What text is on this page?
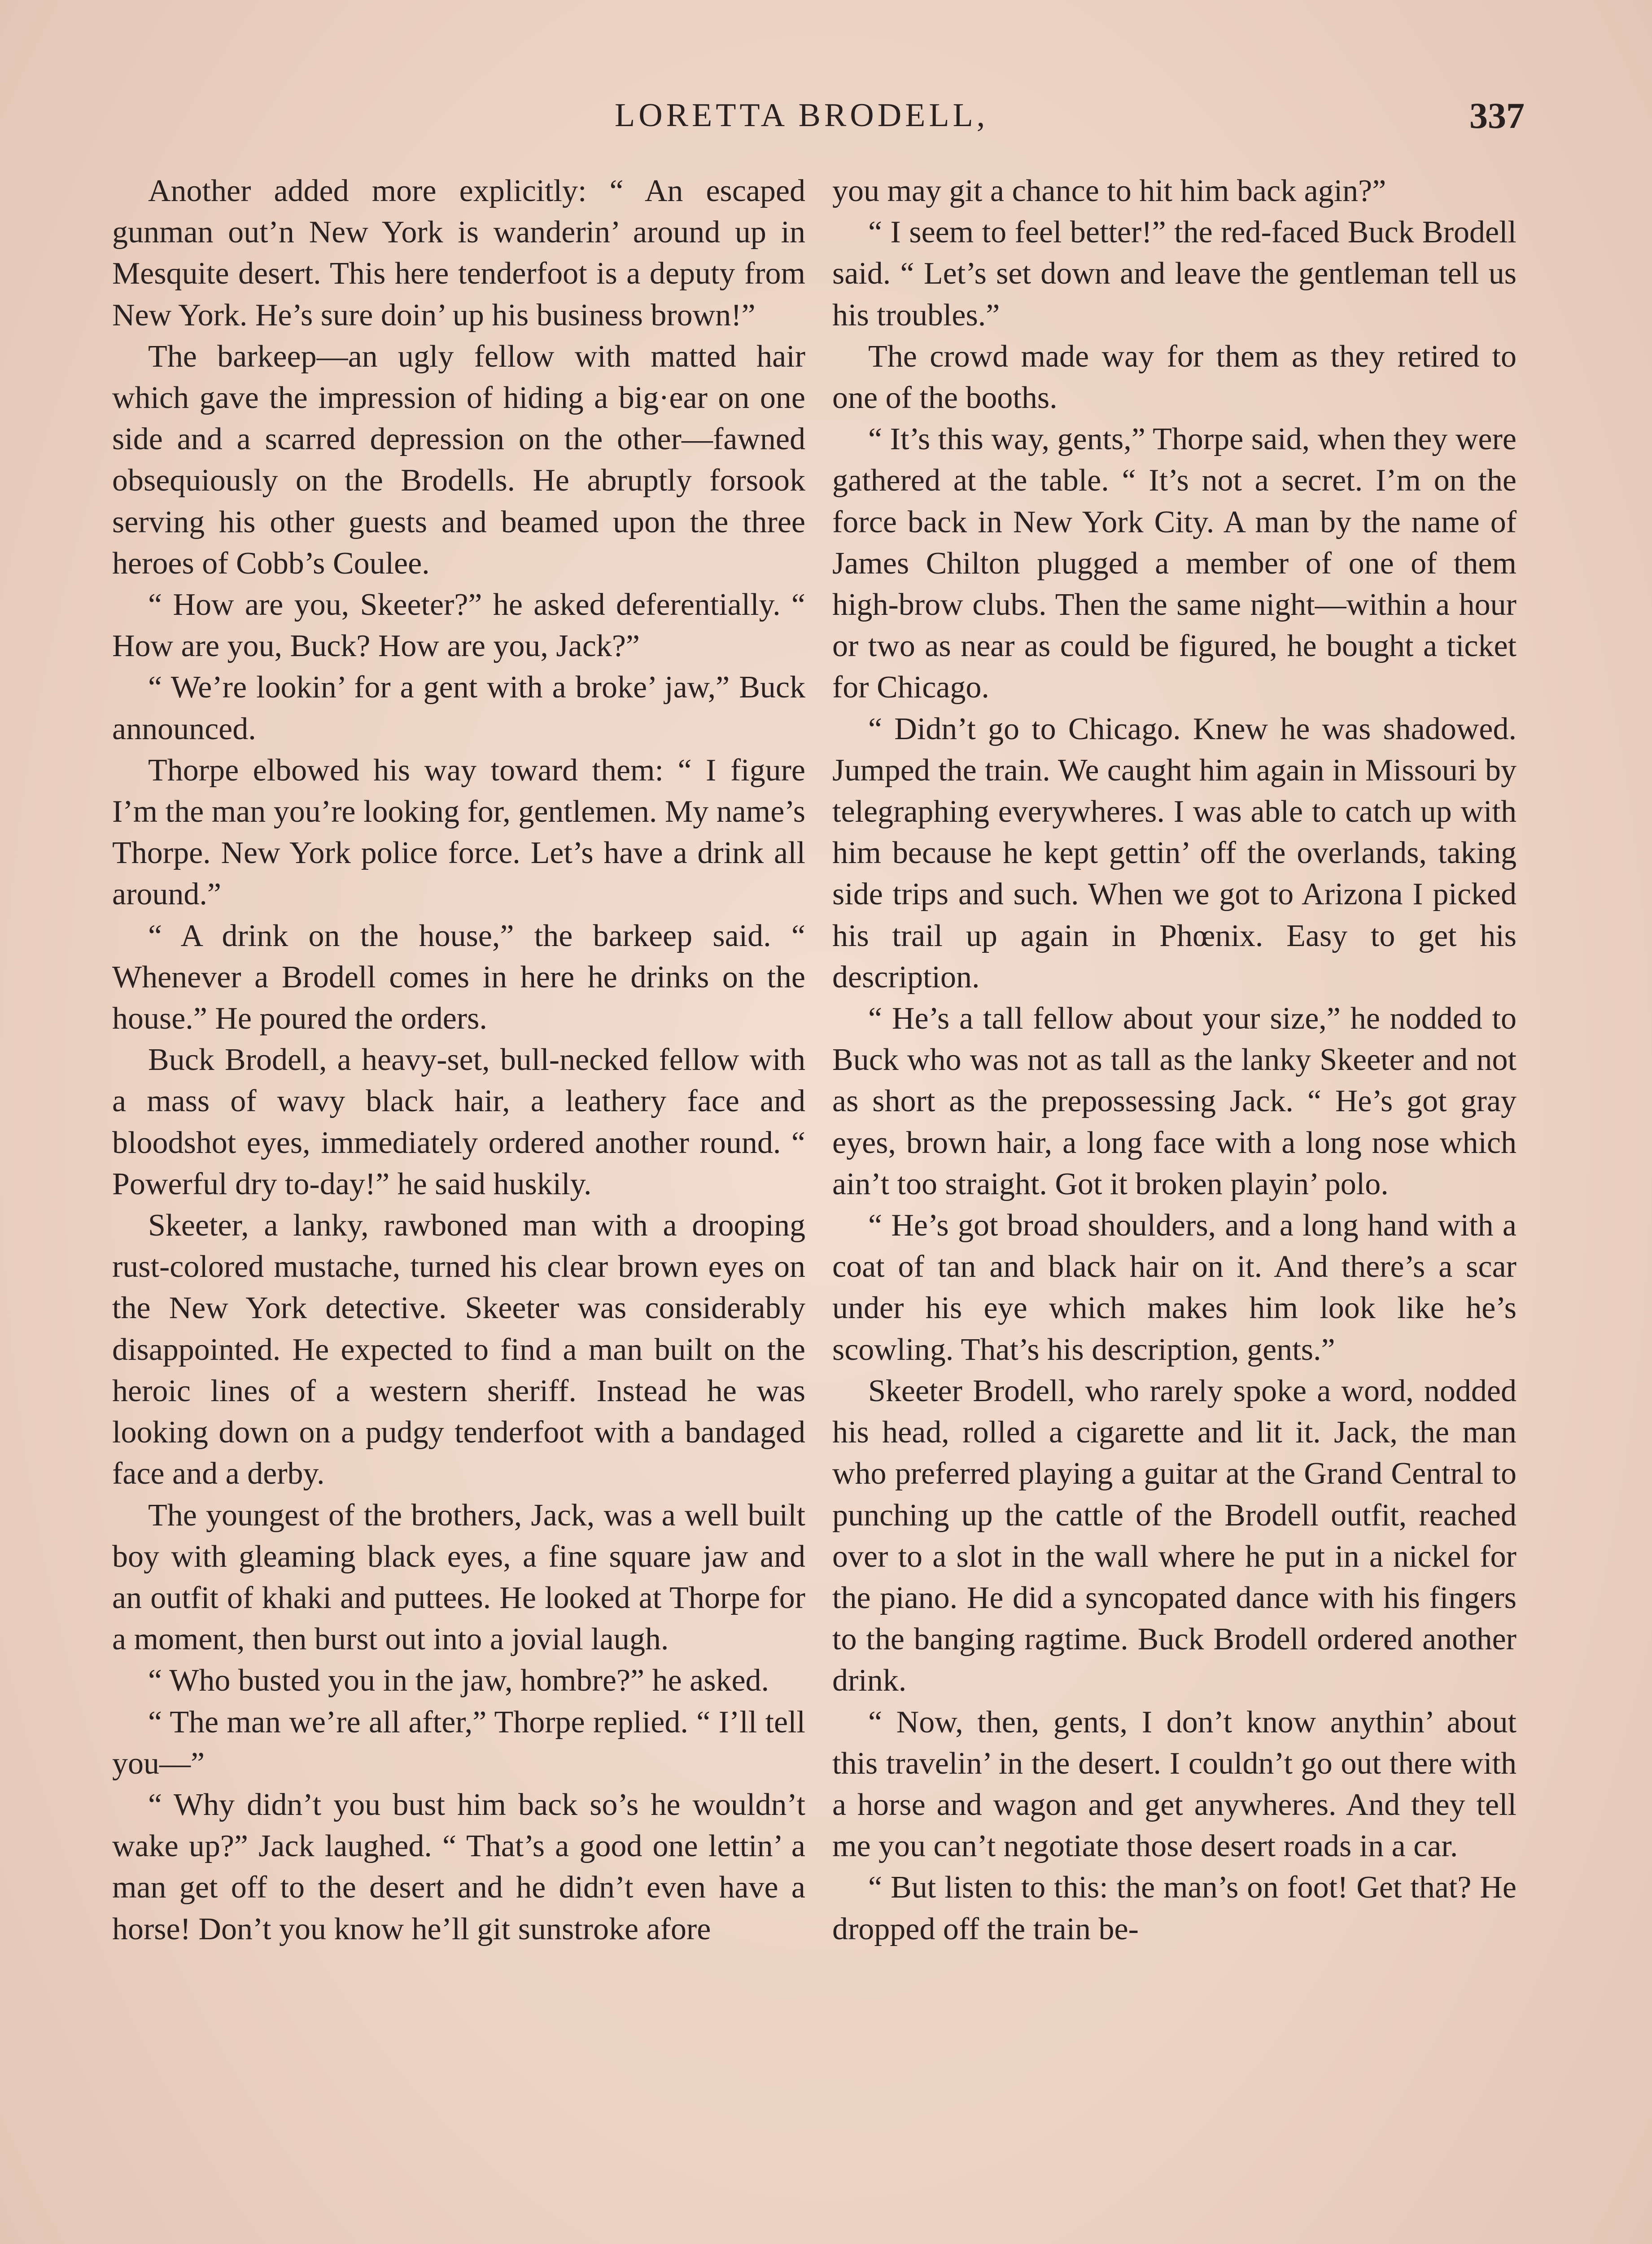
LORETTA BRODELL,	337

Another added more explicitly: “ An escaped gunman out’n New York is wanderin’ around up in Mesquite desert. This here tenderfoot is a deputy from New York. He’s sure doin’ up his business brown!”

The barkeep—an ugly fellow with matted hair which gave the impression of hiding a big·ear on one side and a scarred depression on the other—fawned obsequiously on the Brodells. He abruptly forsook serving his other guests and beamed upon the three heroes of Cobb’s Coulee.

“ How are you, Skeeter?” he asked deferentially. “ How are you, Buck? How are you, Jack?”

“ We’re lookin’ for a gent with a broke’ jaw,” Buck announced.

Thorpe elbowed his way toward them: “ I figure I’m the man you’re looking for, gentlemen. My name’s Thorpe. New York police force. Let’s have a drink all around.”

“ A drink on the house,” the barkeep said. “ Whenever a Brodell comes in here he drinks on the house.” He poured the orders.

Buck Brodell, a heavy-set, bull-necked fellow with a mass of wavy black hair, a leathery face and bloodshot eyes, immediately ordered another round. “ Powerful dry to-day!” he said huskily.

Skeeter, a lanky, rawboned man with a drooping rust-colored mustache, turned his clear brown eyes on the New York detective. Skeeter was considerably disappointed. He expected to find a man built on the heroic lines of a western sheriff. Instead he was looking down on a pudgy tenderfoot with a bandaged face and a derby.

The youngest of the brothers, Jack, was a well built boy with gleaming black eyes, a fine square jaw and an outfit of khaki and puttees. He looked at Thorpe for a moment, then burst out into a jovial laugh.

“ Who busted you in the jaw, hombre?” he asked.

“ The man we’re all after,” Thorpe replied. “ I’ll tell you—”

“ Why didn’t you bust him back so’s he wouldn’t wake up?” Jack laughed. “ That’s a good one lettin’ a man get off to the desert and he didn’t even have a horse! Don’t you know he’ll git sunstroke afore

you may git a chance to hit him back agin?”

“ I seem to feel better!” the red-faced Buck Brodell said. “ Let’s set down and leave the gentleman tell us his troubles.”

The crowd made way for them as they retired to one of the booths.

“ It’s this way, gents,” Thorpe said, when they were gathered at the table. “ It’s not a secret. I’m on the force back in New York City. A man by the name of James Chilton plugged a member of one of them high-brow clubs. Then the same night—within a hour or two as near as could be figured, he bought a ticket for Chicago.

“ Didn’t go to Chicago. Knew he was shadowed. Jumped the train. We caught him again in Missouri by telegraphing everywheres. I was able to catch up with him because he kept gettin’ off the overlands, taking side trips and such. When we got to Arizona I picked his trail up again in Phœnix. Easy to get his description.

“ He’s a tall fellow about your size,” he nodded to Buck who was not as tall as the lanky Skeeter and not as short as the prepossessing Jack. “ He’s got gray eyes, brown hair, a long face with a long nose which ain’t too straight. Got it broken playin’ polo.

“ He’s got broad shoulders, and a long hand with a coat of tan and black hair on it. And there’s a scar under his eye which makes him look like he’s scowling. That’s his description, gents.”

Skeeter Brodell, who rarely spoke a word, nodded his head, rolled a cigarette and lit it. Jack, the man who preferred playing a guitar at the Grand Central to punching up the cattle of the Brodell outfit, reached over to a slot in the wall where he put in a nickel for the piano. He did a syncopated dance with his fingers to the banging ragtime. Buck Brodell ordered another drink.

“ Now, then, gents, I don’t know anythin’ about this travelin’ in the desert. I couldn’t go out there with a horse and wagon and get anywheres. And they tell me you can’t negotiate those desert roads in a car.

“ But listen to this: the man’s on foot! Get that? He dropped off the train be-
